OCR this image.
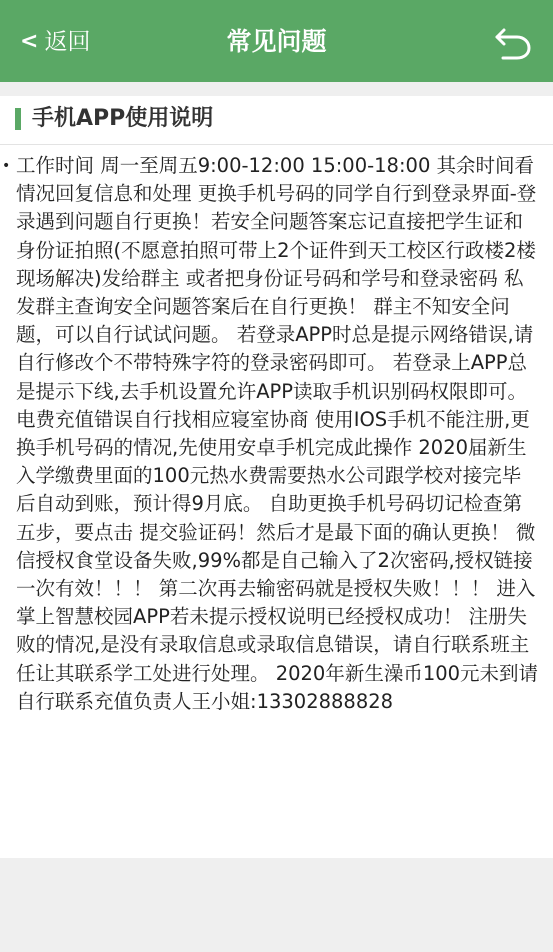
< 返回	常见问题
手机APP使用说明
• 工作时间 周一至周五9:00-12:00 15:00-18:00 其余时间看情况回复信息和处理 更换手机号码的同学自行到登录界面-登录遇到问题自行更换！若安全问题答案忘记直接把学生证和身份证拍照(不愿意拍照可带上2个证件到天工校区行政楼2楼现场解决)发给群主 或者把身份证号码和学号和登录密码 私发群主查询安全问题答案后在自行更换！ 群主不知安全问题，可以自行试试问题。 若登录APP时总是提示网络错误,请自行修改个不带特殊字符的登录密码即可。 若登录上APP总是提示下线,去手机设置允许APP读取手机识别码权限即可。 电费充值错误自行找相应寝室协商 使用IOS手机不能注册,更换手机号码的情况,先使用安卓手机完成此操作 2020届新生入学缴费里面的100元热水费需要热水公司跟学校对接完毕后自动到账，预计得9月底。 自助更换手机号码切记检查第五步，要点击 提交验证码！然后才是最下面的确认更换！ 微信授权食堂设备失败,99%都是自己输入了2次密码,授权链接一次有效！！！ 第二次再去输密码就是授权失败！！！ 进入掌上智慧校园APP若未提示授权说明已经授权成功！ 注册失败的情况,是没有录取信息或录取信息错误，请自行联系班主任让其联系学工处进行处理。 2020年新生澡币100元未到请自行联系充值负责人王小姐:13302888828
